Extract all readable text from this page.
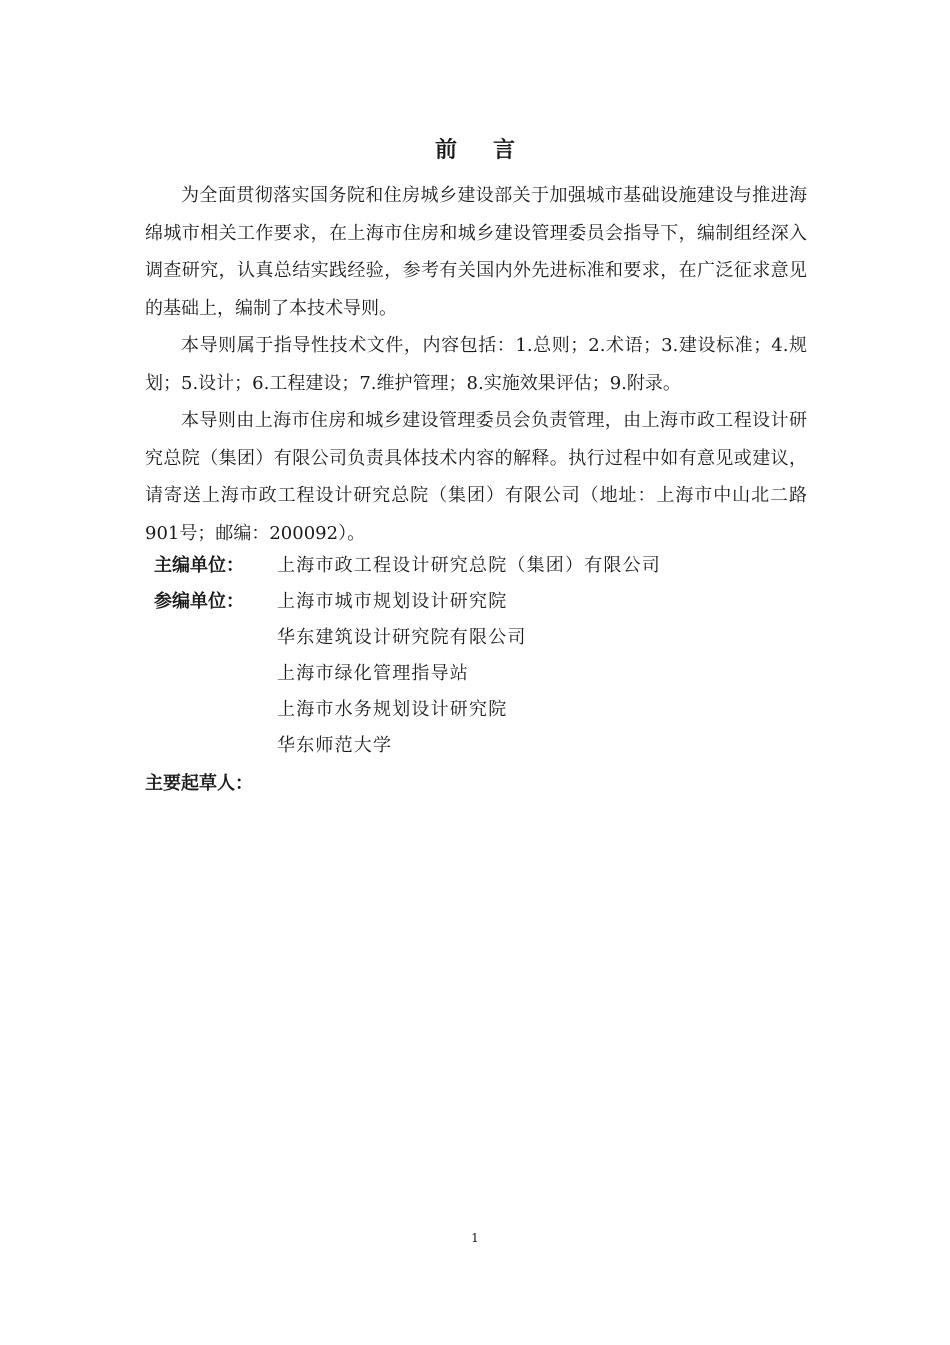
前言

为全面贯彻落实国务院和住房城乡建设部关于加强城市基础设施建设与推进海绵城市相关工作要求，在上海市住房和城乡建设管理委员会指导下，编制组经深入调查研究，认真总结实践经验，参考有关国内外先进标准和要求，在广泛征求意见的基础上，编制了本技术导则。

本导则属于指导性技术文件，内容包括：1.总则；2.术语；3.建设标准；4.规划；5.设计；6.工程建设；7.维护管理；8.实施效果评估；9.附录。

本导则由上海市住房和城乡建设管理委员会负责管理，由上海市政工程设计研究总院（集团）有限公司负责具体技术内容的解释。执行过程中如有意见或建议，请寄送上海市政工程设计研究总院（集团）有限公司（地址：上海市中山北二路901号；邮编：200092）。

主编单位：	上海市政工程设计研究总院（集团）有限公司
参编单位：	上海市城市规划设计研究院
华东建筑设计研究院有限公司
上海市绿化管理指导站
上海市水务规划设计研究院
华东师范大学
主要起草人：
1
